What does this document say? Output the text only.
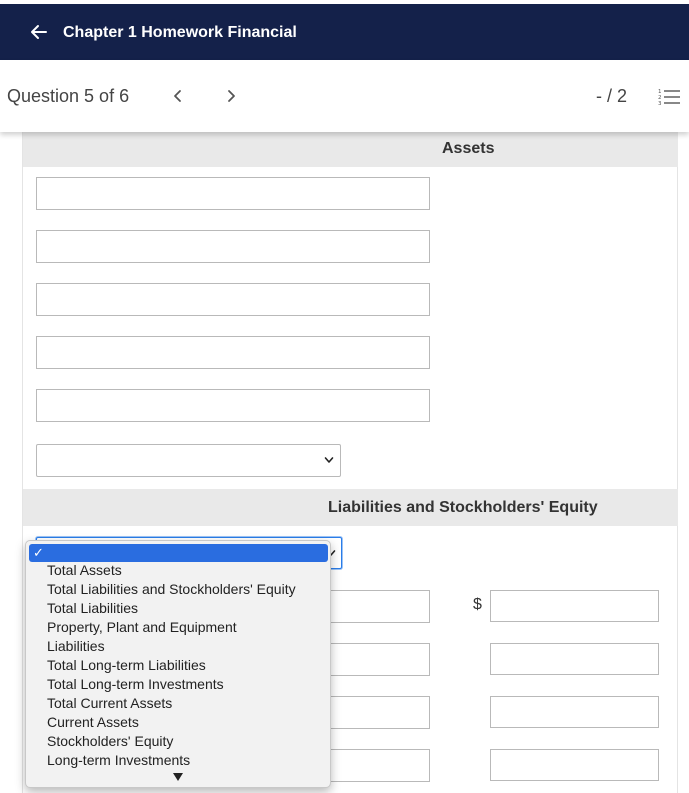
Chapter 1 Homework Financial
Question 5 of 6	- / 2	1
2
3
Assets
Liabilities and Stockholders' Equity
$
✓
Total Assets
Total Liabilities and Stockholders' Equity
Total Liabilities
Property, Plant and Equipment
Liabilities
Total Long-term Liabilities
Total Long-term Investments
Total Current Assets
Current Assets
Stockholders' Equity
Long-term Investments
